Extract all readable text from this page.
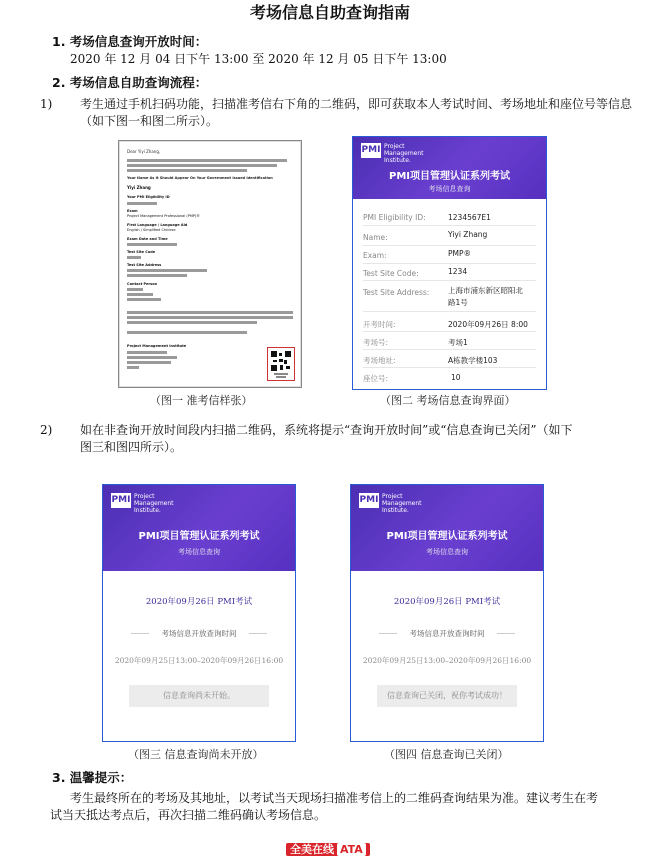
考场信息自助查询指南
1. 考场信息查询开放时间：
2020 年 12 月 04 日下午 13:00 至 2020 年 12 月 05 日下午 13:00
2. 考场信息自助查询流程：
1) 考生通过手机扫码功能，扫描准考信右下角的二维码，即可获取本人考试时间、考场地址和座位号等信息
（如下图一和图二所示）。
Dear Yiyi Zhang,
Your Name As It Should Appear On Your Government Issued Identification
Yiyi Zhang
Your PMI Eligibility ID
Exam
Project Management Professional (PMP)®
First Language / Language Aid
English / Simplified Chinese
Exam Date and Time
Test Site Code
Test Site Address
Contact Person
Project Management Institute
（图一 准考信样张）
PMI Project
Management
Institute.
PMI项目管理认证系列考试
考场信息查询
PMI Eligibility ID:	1234567E1
Name:	Yiyi Zhang
Exam:	PMP®
Test Site Code:	1234
Test Site Address: 上海市浦东新区昭阳北
路1号
开考时间:	2020年09月26日 8:00
考场号:	考场1
考场地址:	A栋教学楼103
座位号:	10
（图二 考场信息查询界面）
2) 如在非查询开放时间段内扫描二维码，系统将提示“查询开放时间”或“信息查询已关闭”（如下
图三和图四所示）。
PMI Project
Management
Institute.
PMI项目管理认证系列考试
考场信息查询
2020年09月26日 PMI考试
考场信息开放查询时间
2020年09月25日13:00–2020年09月26日16:00
信息查询尚未开始。
（图三 信息查询尚未开放）
PMI Project
Management
Institute.
PMI项目管理认证系列考试
考场信息查询
2020年09月26日 PMI考试
考场信息开放查询时间
2020年09月25日13:00–2020年09月26日16:00
信息查询已关闭，祝你考试成功！
（图四 信息查询已关闭）
3. 温馨提示：
考生最终所在的考场及其地址，以考试当天现场扫描准考信上的二维码查询结果为准。建议考生在考
试当天抵达考点后，再次扫描二维码确认考场信息。
全美在线 ATA
